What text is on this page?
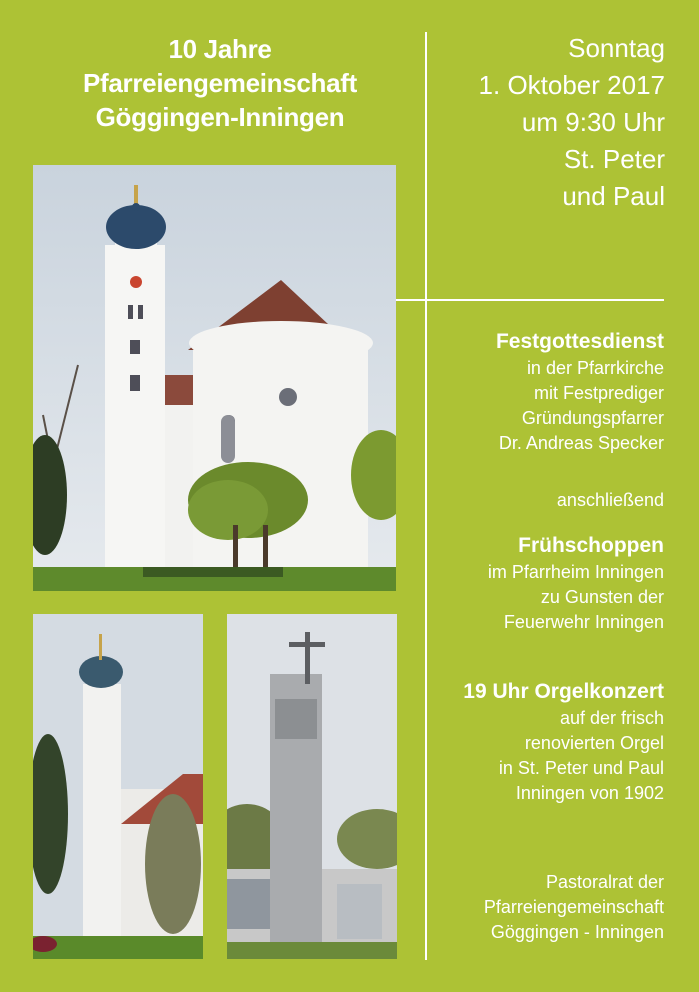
10 Jahre
Pfarreiengemeinschaft
Göggingen-Inningen
Sonntag
1. Oktober 2017
um 9:30 Uhr
St. Peter
und Paul
Festgottesdienst
in der Pfarrkirche
mit Festprediger
Gründungspfarrer
Dr. Andreas Specker
anschließend
Frühschoppen
im Pfarrheim Inningen
zu Gunsten der
Feuerwehr Inningen
19 Uhr Orgelkonzert
auf der frisch
renovierten Orgel
in St. Peter und Paul
Inningen von 1902
Pastoralrat der
Pfarreiengemeinschaft
Göggingen - Inningen
